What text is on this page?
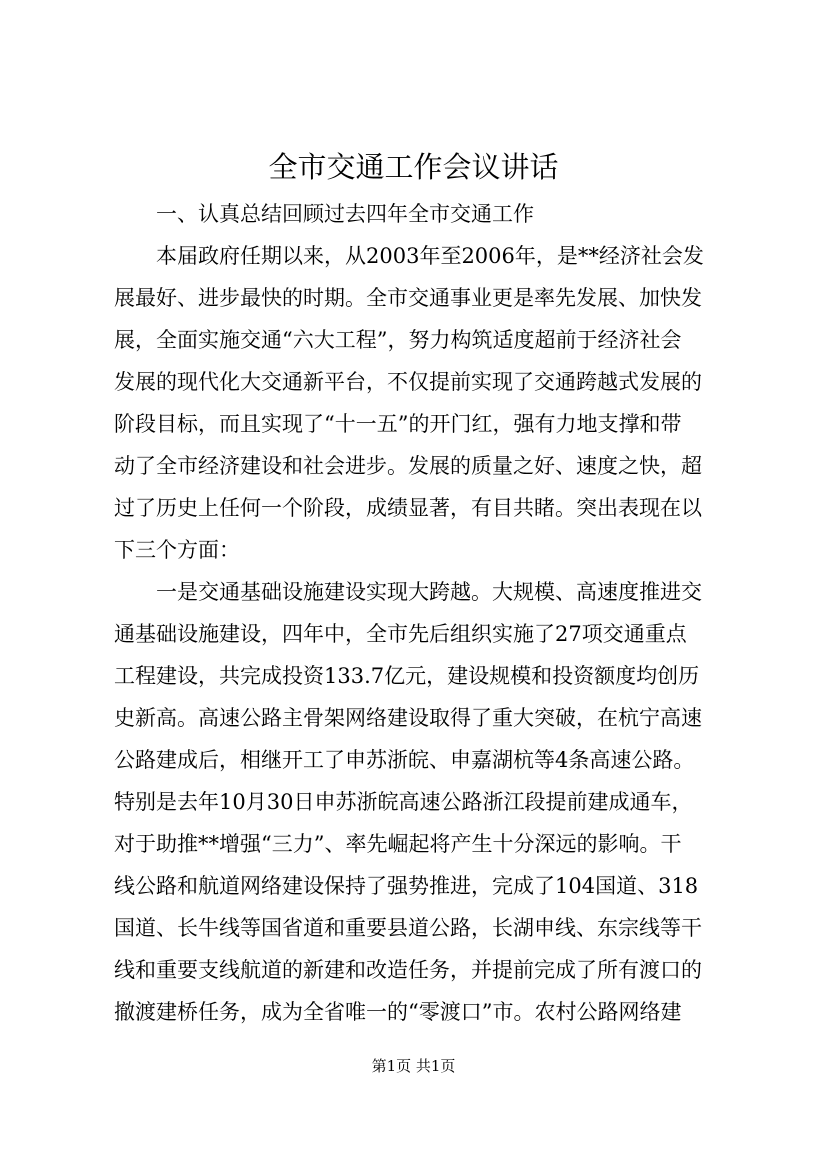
全市交通工作会议讲话
一、认真总结回顾过去四年全市交通工作
本届政府任期以来，从2003年至2006年，是**经济社会发
展最好、进步最快的时期。全市交通事业更是率先发展、加快发
展，全面实施交通“六大工程”，努力构筑适度超前于经济社会
发展的现代化大交通新平台，不仅提前实现了交通跨越式发展的
阶段目标，而且实现了“十一五”的开门红，强有力地支撑和带
动了全市经济建设和社会进步。发展的质量之好、速度之快，超
过了历史上任何一个阶段，成绩显著，有目共睹。突出表现在以
下三个方面：
一是交通基础设施建设实现大跨越。大规模、高速度推进交
通基础设施建设，四年中，全市先后组织实施了27项交通重点
工程建设，共完成投资133.7亿元，建设规模和投资额度均创历
史新高。高速公路主骨架网络建设取得了重大突破，在杭宁高速
公路建成后，相继开工了申苏浙皖、申嘉湖杭等4条高速公路。
特别是去年10月30日申苏浙皖高速公路浙江段提前建成通车，
对于助推**增强“三力”、率先崛起将产生十分深远的影响。干
线公路和航道网络建设保持了强势推进，完成了104国道、318
国道、长牛线等国省道和重要县道公路，长湖申线、东宗线等干
线和重要支线航道的新建和改造任务，并提前完成了所有渡口的
撤渡建桥任务，成为全省唯一的“零渡口”市。农村公路网络建
第1页 共1页
